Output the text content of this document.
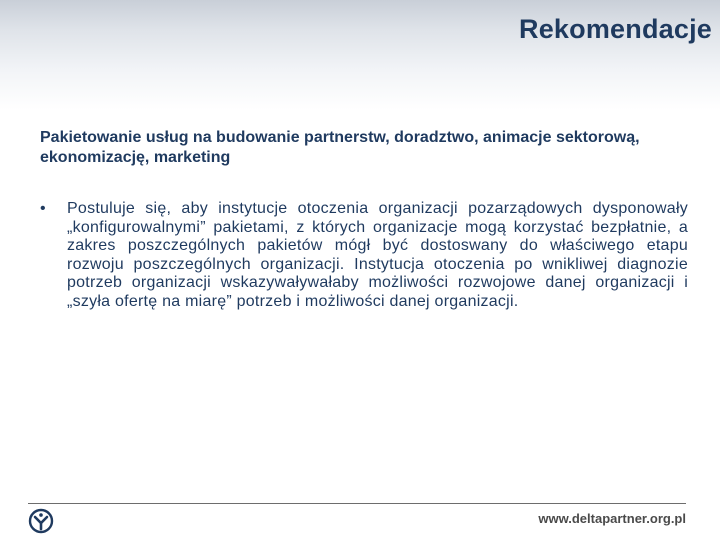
Rekomendacje
Pakietowanie usług na budowanie partnerstw, doradztwo, animacje sektorową, ekonomizację, marketing
•	Postuluje się, aby instytucje otoczenia organizacji pozarządowych dysponowały „konfigurowalnymi” pakietami, z których organizacje mogą korzystać bezpłatnie, a zakres poszczególnych pakietów mógł być dostoswany do właściwego etapu rozwoju poszczególnych organizacji. Instytucja otoczenia po wnikliwej diagnozie potrzeb organizacji wskazywaływałaby możliwości rozwojowe danej organizacji i „szyła ofertę na miarę” potrzeb i możliwości danej organizacji.
www.deltapartner.org.pl
